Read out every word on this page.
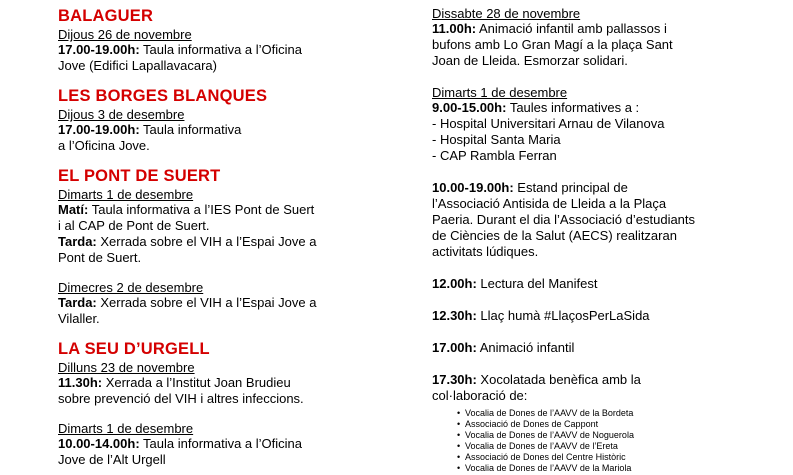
BALAGUER
Dijous 26 de novembre
17.00-19.00h: Taula informativa a l’Oficina
Jove (Edifici Lapallavacara)
LES BORGES BLANQUES
Dijous 3 de desembre
17.00-19.00h: Taula informativa
a l’Oficina Jove.
EL PONT DE SUERT
Dimarts 1 de desembre
Matí: Taula informativa a l’IES Pont de Suert
i al CAP de Pont de Suert.
Tarda: Xerrada sobre el VIH a l’Espai Jove a
Pont de Suert.
Dimecres 2 de desembre
Tarda: Xerrada sobre el VIH a l’Espai Jove a
Vilaller.
LA SEU D’URGELL
Dilluns 23 de novembre
11.30h: Xerrada a l’Institut Joan Brudieu
sobre prevenció del VIH i altres infeccions.
Dimarts 1 de desembre
10.00-14.00h: Taula informativa a l’Oficina
Jove de l’Alt Urgell
Dissabte 28 de novembre
11.00h: Animació infantil amb pallassos i
bufons amb Lo Gran Magí a la plaça Sant
Joan de Lleida. Esmorzar solidari.
Dimarts 1 de desembre
9.00-15.00h: Taules informatives a :
- Hospital Universitari Arnau de Vilanova
- Hospital Santa Maria
- CAP Rambla Ferran
10.00-19.00h: Estand principal de
l’Associació Antisida de Lleida a la Plaça
Paeria. Durant el dia l’Associació d’estudiants
de Ciències de la Salut (AECS) realitzaran
activitats lúdiques.
12.00h: Lectura del Manifest
12.30h: Llaç humà #LlaçosPerLaSida
17.00h: Animació infantil
17.30h: Xocolatada benèfica amb la
col·laboració de:
• Vocalia de Dones de l’AAVV de la Bordeta
• Associació de Dones de Cappont
• Vocalia de Dones de l’AAVV de Noguerola
• Vocalia de Dones de l’AAVV de l’Ereta
• Associació de Dones del Centre Històric
• Vocalia de Dones de l’AAVV de la Mariola
